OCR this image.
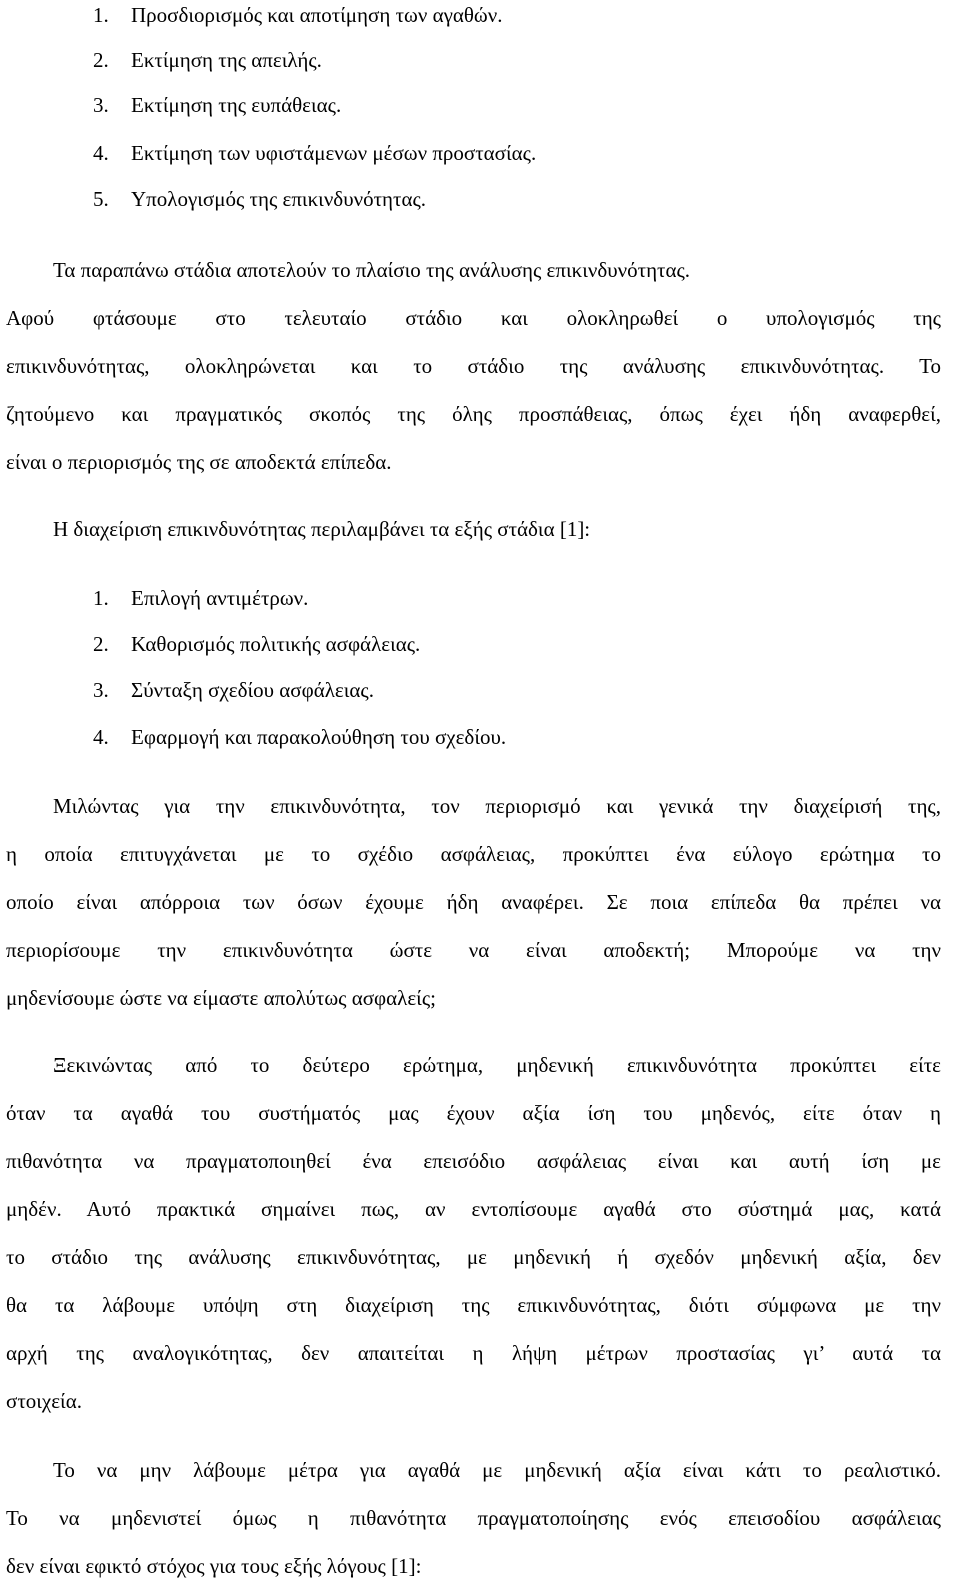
1. Προσδιορισμός και αποτίμηση των αγαθών.
2. Εκτίμηση της απειλής.
3. Εκτίμηση της ευπάθειας.
4. Εκτίμηση των υφιστάμενων μέσων προστασίας.
5. Υπολογισμός της επικινδυνότητας.
Τα παραπάνω στάδια αποτελούν το πλαίσιο της ανάλυσης επικινδυνότητας.
Αφού φτάσουμε στο τελευταίο στάδιο και ολοκληρωθεί ο υπολογισμός της
επικινδυνότητας, ολοκληρώνεται και το στάδιο της ανάλυσης επικινδυνότητας. Το
ζητούμενο και πραγματικός σκοπός της όλης προσπάθειας, όπως έχει ήδη αναφερθεί,
είναι ο περιορισμός της σε αποδεκτά επίπεδα.
Η διαχείριση επικινδυνότητας περιλαμβάνει τα εξής στάδια [1]:
1. Επιλογή αντιμέτρων.
2. Καθορισμός πολιτικής ασφάλειας.
3. Σύνταξη σχεδίου ασφάλειας.
4. Εφαρμογή και παρακολούθηση του σχεδίου.
Μιλώντας για την επικινδυνότητα, τον περιορισμό και γενικά την διαχείρισή της,
η οποία επιτυγχάνεται με το σχέδιο ασφάλειας, προκύπτει ένα εύλογο ερώτημα το
οποίο είναι απόρροια των όσων έχουμε ήδη αναφέρει. Σε ποια επίπεδα θα πρέπει να
περιορίσουμε την επικινδυνότητα ώστε να είναι αποδεκτή; Μπορούμε να την
μηδενίσουμε ώστε να είμαστε απολύτως ασφαλείς;
Ξεκινώντας από το δεύτερο ερώτημα, μηδενική επικινδυνότητα προκύπτει είτε
όταν τα αγαθά του συστήματός μας έχουν αξία ίση του μηδενός, είτε όταν η
πιθανότητα να πραγματοποιηθεί ένα επεισόδιο ασφάλειας είναι και αυτή ίση με
μηδέν. Αυτό πρακτικά σημαίνει πως, αν εντοπίσουμε αγαθά στο σύστημά μας, κατά
το στάδιο της ανάλυσης επικινδυνότητας, με μηδενική ή σχεδόν μηδενική αξία, δεν
θα τα λάβουμε υπόψη στη διαχείριση της επικινδυνότητας, διότι σύμφωνα με την
αρχή της αναλογικότητας, δεν απαιτείται η λήψη μέτρων προστασίας γι’ αυτά τα
στοιχεία.
Το να μην λάβουμε μέτρα για αγαθά με μηδενική αξία είναι κάτι το ρεαλιστικό.
Το να μηδενιστεί όμως η πιθανότητα πραγματοποίησης ενός επεισοδίου ασφάλειας
δεν είναι εφικτό στόχος για τους εξής λόγους [1]:
